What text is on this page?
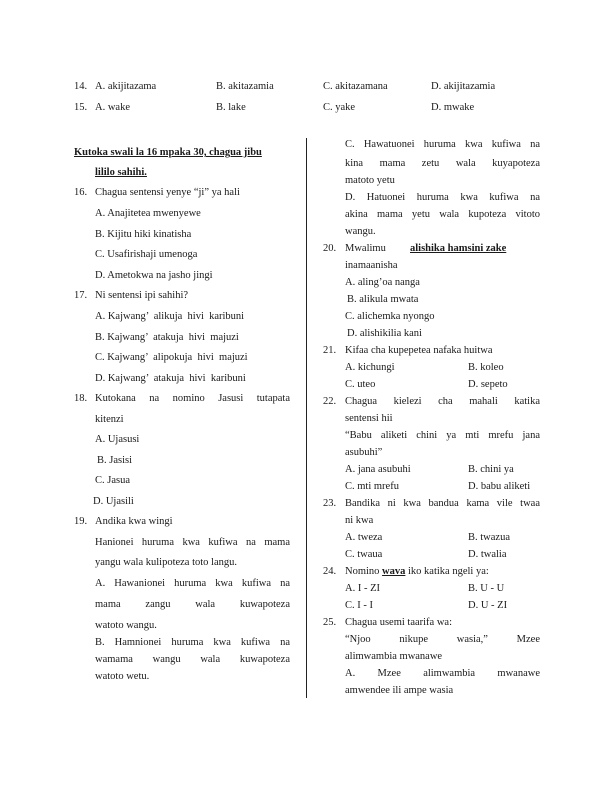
14. A. akijitazama	B. akitazamia	C. akitazamana	D. akijitazamia
15. A. wake	B. lake	C. yake	D. mwake
Kutoka swali la 16 mpaka 30, chagua jibu
lililo sahihi.
16. Chagua sentensi yenye “ji” ya hali
A. Anajitetea mwenyewe
B. Kijitu hiki kinatisha
C. Usafirishaji umenoga
D. Ametokwa na jasho jingi
17. Ni sentensi ipi sahihi?
A. Kajwang’  alikuja  hivi  karibuni
B. Kajwang’  atakuja  hivi  majuzi
C. Kajwang’  alipokuja  hivi  majuzi
D. Kajwang’  atakuja  hivi  karibuni
18. Kutokana na nomino Jasusi tutapata
kitenzi
A. Ujasusi
B. Jasisi
C. Jasua
D. Ujasili
19. Andika kwa wingi
Hanionei huruma kwa kufiwa na mama
yangu wala kulipoteza toto langu.
A. Hawanionei huruma kwa kufiwa na
mama zangu wala kuwapoteza
watoto wangu.
B. Hamnionei huruma kwa kufiwa na
wamama wangu wala kuwapoteza
watoto wetu.
C. Hawatuonei huruma kwa kufiwa na
kina mama zetu wala kuyapoteza
matoto yetu
D. Hatuonei huruma kwa kufiwa na
akina mama yetu wala kupoteza vitoto
wangu.
20. Mwalimu alishika hamsini zake
inamaanisha
A. aling’oa nanga
B. alikula mwata
C. alichemka nyongo
D. alishikilia kani
21. Kifaa cha kupepetea nafaka huitwa
A. kichungi	B. koleo
C. uteo	D. sepeto
22. Chagua kielezi cha mahali katika
sentensi hii
“Babu aliketi chini ya mti mrefu jana
asubuhi”
A. jana asubuhi	B. chini ya
C. mti mrefu	D. babu aliketi
23. Bandika ni kwa bandua kama vile twaa
ni kwa
A. tweza	B. twazua
C. twaua	D. twalia
24. Nomino wava iko katika ngeli ya:
A. I - ZI	B. U - U
C. I - I	D. U - ZI
25. Chagua usemi taarifa wa:
“Njoo nikupe wasia,” Mzee
alimwambia mwanawe
A. Mzee alimwambia mwanawe
amwendee ili ampe wasia
